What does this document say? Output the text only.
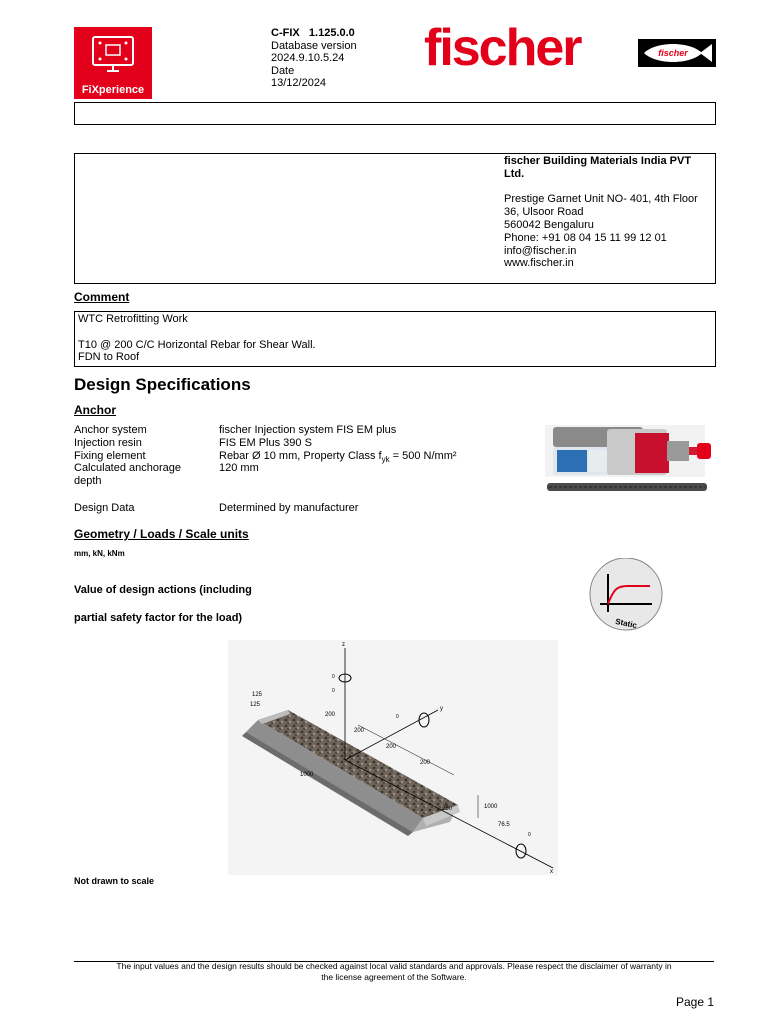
FiXperience
C-FIX 1.125.0.0
Database version
2024.9.10.5.24
Date
13/12/2024
fischer	fischer
fischer Building Materials India PVT
Ltd.
Prestige Garnet Unit NO- 401, 4th Floor
36, Ulsoor Road
560042 Bengaluru
Phone: +91 08 04 15 11 99 12 01
info@fischer.in
www.fischer.in
Comment
WTC Retrofitting Work
T10 @ 200 C/C Horizontal Rebar for Shear Wall.
FDN to Roof
Design Specifications
Anchor
Anchor system	fischer Injection system FIS EM plus
Injection resin	FIS EM Plus 390 S
Fixing element	Rebar Ø 10 mm, Property Class $f_{yk} = 500$ N/mm²
Calculated anchorage	120 mm
depth
Design Data	Determined by manufacturer
Geometry / Loads / Scale units
mm, kN, kNm
Value of design actions (including
partial safety factor for the load)	Static
z
y
x
0
0
0
0
125
125
200
200
200
200
1000
250	1000
76.5
Not drawn to scale
The input values and the design results should be checked against local valid standards and approvals. Please respect the disclaimer of warranty in
the license agreement of the Software.
Page 1
